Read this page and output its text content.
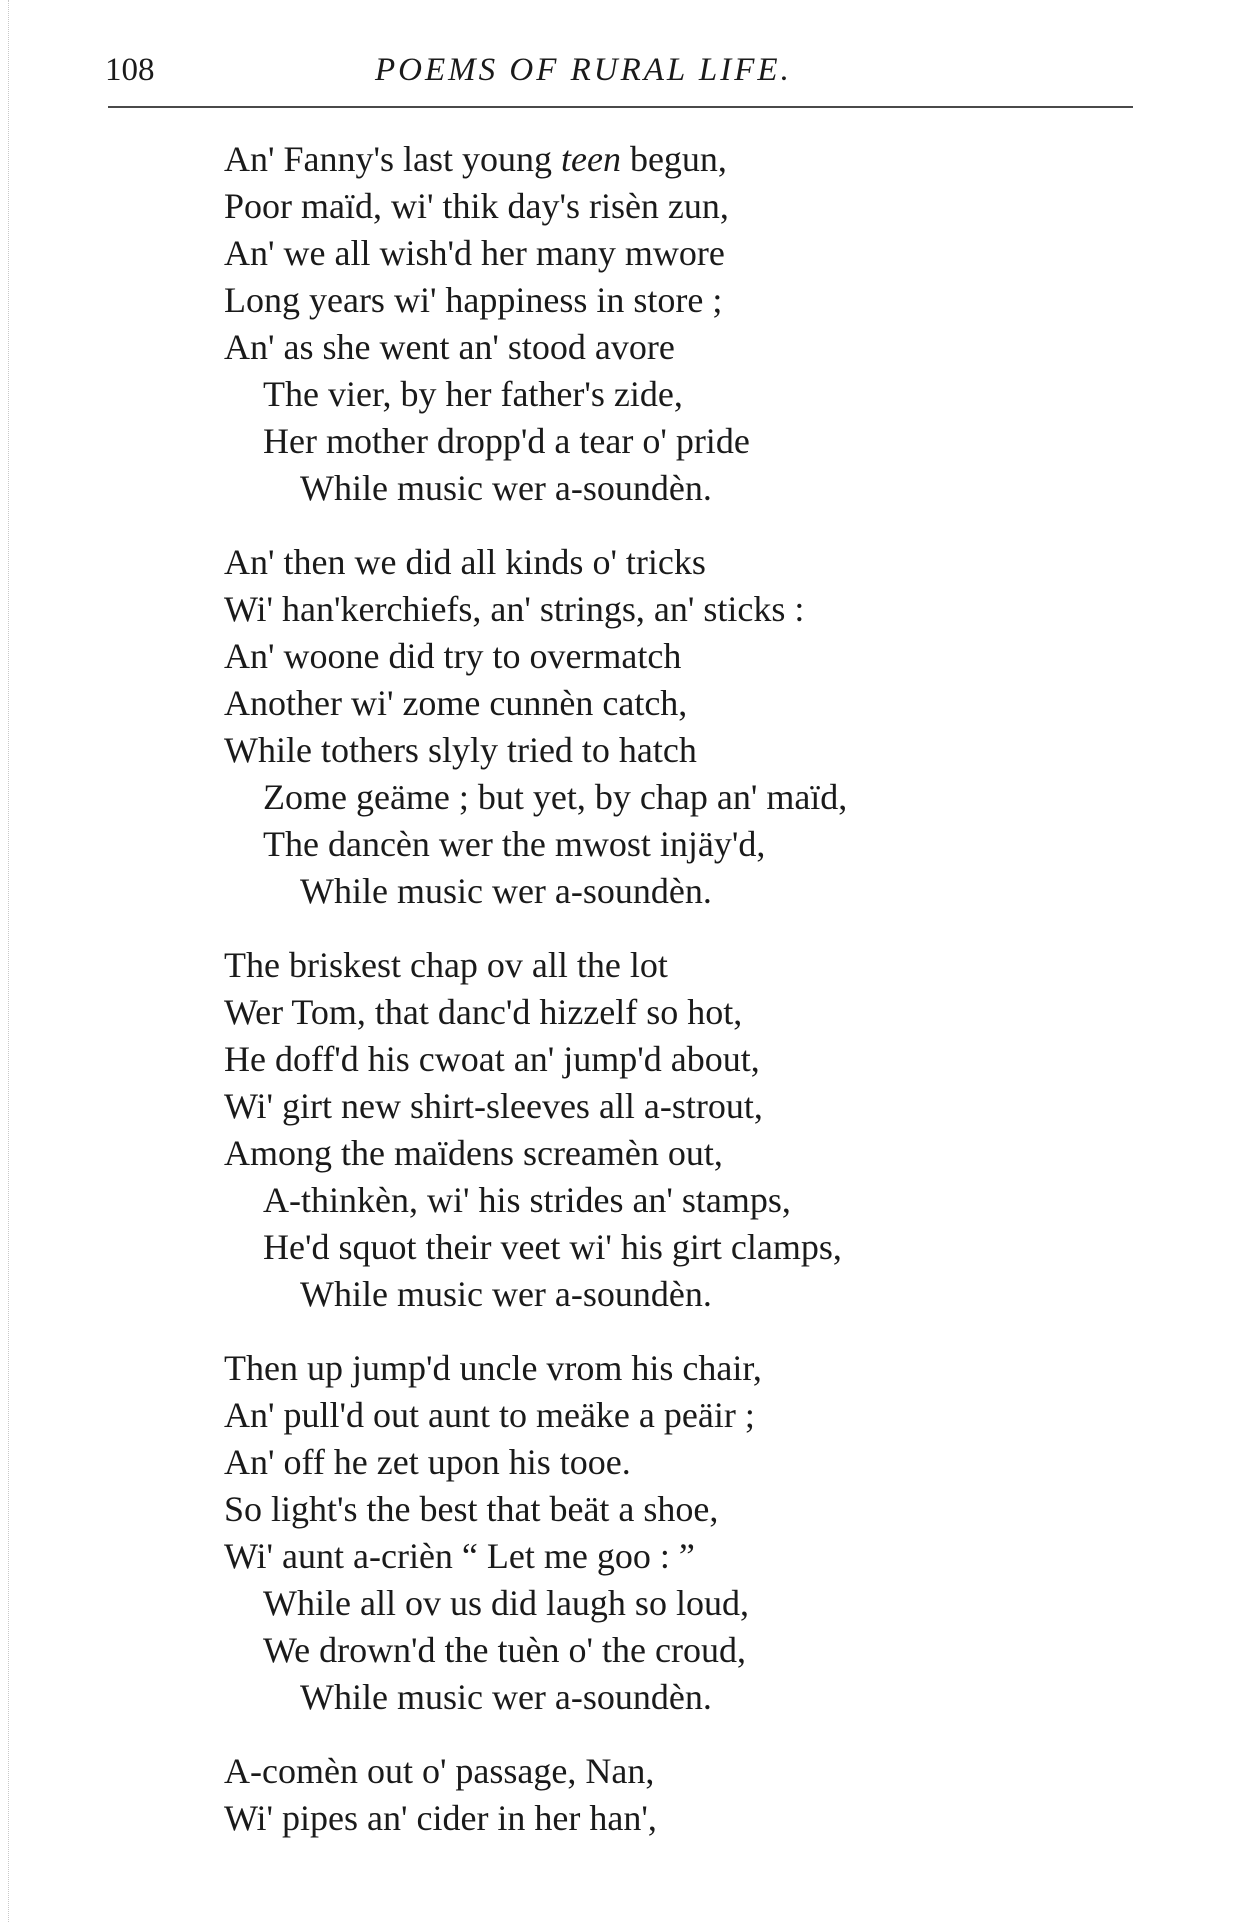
108	POEMS OF RURAL LIFE.
An' Fanny's last young teen begun,
Poor maïd, wi' thik day's risèn zun,
An' we all wish'd her many mwore
Long years wi' happiness in store ;
An' as she went an' stood avore
The vier, by her father's zide,
Her mother dropp'd a tear o' pride
While music wer a-soundèn.
An' then we did all kinds o' tricks
Wi' han'kerchiefs, an' strings, an' sticks :
An' woone did try to overmatch
Another wi' zome cunnèn catch,
While tothers slyly tried to hatch
Zome geäme ; but yet, by chap an' maïd,
The dancèn wer the mwost injäy'd,
While music wer a-soundèn.
The briskest chap ov all the lot
Wer Tom, that danc'd hizzelf so hot,
He doff'd his cwoat an' jump'd about,
Wi' girt new shirt-sleeves all a-strout,
Among the maïdens screamèn out,
A-thinkèn, wi' his strides an' stamps,
He'd squot their veet wi' his girt clamps,
While music wer a-soundèn.
Then up jump'd uncle vrom his chair,
An' pull'd out aunt to meäke a peäir ;
An' off he zet upon his tooe.
So light's the best that beät a shoe,
Wi' aunt a-crièn “ Let me goo : ”
While all ov us did laugh so loud,
We drown'd the tuèn o' the croud,
While music wer a-soundèn.
A-comèn out o' passage, Nan,
Wi' pipes an' cider in her han',
